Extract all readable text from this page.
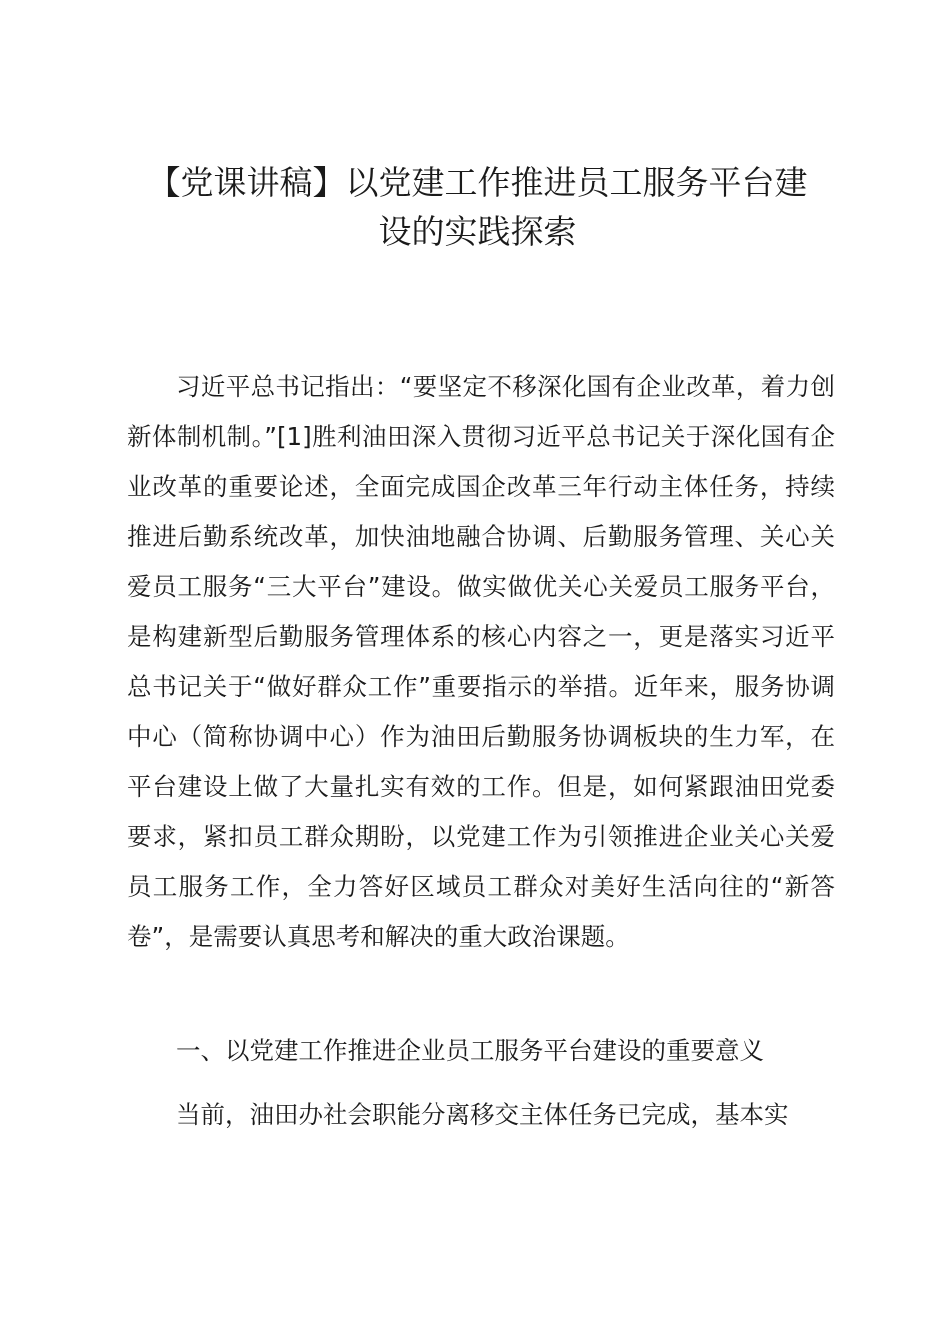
【党课讲稿】以党建工作推进员工服务平台建
设的实践探索

习近平总书记指出：“要坚定不移深化国有企业改革，着力创新体制机制。”[1]胜利油田深入贯彻习近平总书记关于深化国有企业改革的重要论述，全面完成国企改革三年行动主体任务，持续推进后勤系统改革，加快油地融合协调、后勤服务管理、关心关爱员工服务“三大平台”建设。做实做优关心关爱员工服务平台，是构建新型后勤服务管理体系的核心内容之一，更是落实习近平总书记关于“做好群众工作”重要指示的举措。近年来，服务协调中心（简称协调中心）作为油田后勤服务协调板块的生力军，在平台建设上做了大量扎实有效的工作。但是，如何紧跟油田党委要求，紧扣员工群众期盼，以党建工作为引领推进企业关心关爱员工服务工作，全力答好区域员工群众对美好生活向往的“新答卷”，是需要认真思考和解决的重大政治课题。

一、以党建工作推进企业员工服务平台建设的重要意义

当前，油田办社会职能分离移交主体任务已完成，基本实
